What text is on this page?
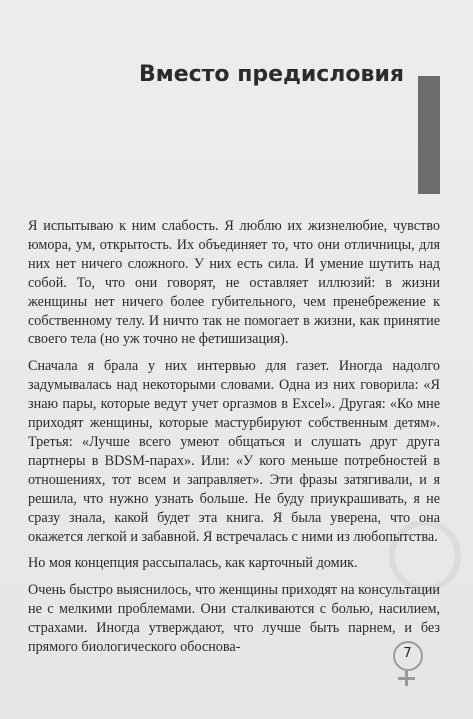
Вместо предисловия

Я испытываю к ним слабость. Я люблю их жизнелюбие, чувство юмора, ум, открытость. Их объединяет то, что они отличницы, для них нет ничего сложного. У них есть сила. И умение шутить над собой. То, что они говорят, не оставляет иллюзий: в жизни женщины нет ничего более губительного, чем пренебрежение к собственному телу. И ничто так не помогает в жизни, как принятие своего тела (но уж точно не фетишизация).

Сначала я брала у них интервью для газет. Иногда надолго задумывалась над некоторыми словами. Одна из них говорила: «Я знаю пары, которые ведут учет оргазмов в Excel». Другая: «Ко мне приходят женщины, которые мастурбируют собственным детям». Третья: «Лучше всего умеют общаться и слушать друг друга партнеры в BDSM-парах». Или: «У кого меньше потребностей в отношениях, тот всем и заправляет». Эти фразы затягивали, и я решила, что нужно узнать больше. Не буду приукрашивать, я не сразу знала, какой будет эта книга. Я была уверена, что она окажется легкой и забавной. Я встречалась с ними из любопытства.

Но моя концепция рассыпалась, как карточный домик.

Очень быстро выяснилось, что женщины приходят на консультации не с мелкими проблемами. Они сталкиваются с болью, насилием, страхами. Иногда утверждают, что лучше быть парнем, и без прямого биологического обоснова-	7
